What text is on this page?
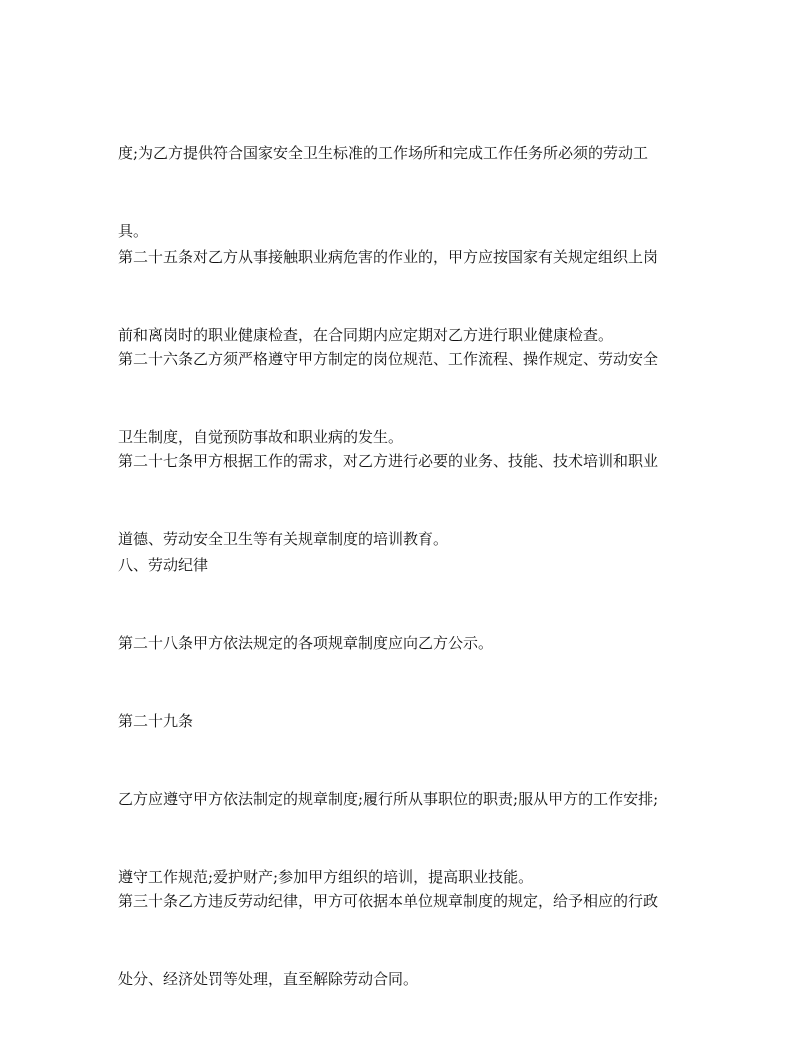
度;为乙方提供符合国家安全卫生标准的工作场所和完成工作任务所必须的劳动工

具。

第二十五条对乙方从事接触职业病危害的作业的，甲方应按国家有关规定组织上岗

前和离岗时的职业健康检查，在合同期内应定期对乙方进行职业健康检查。

第二十六条乙方须严格遵守甲方制定的岗位规范、工作流程、操作规定、劳动安全

卫生制度，自觉预防事故和职业病的发生。

第二十七条甲方根据工作的需求，对乙方进行必要的业务、技能、技术培训和职业

道德、劳动安全卫生等有关规章制度的培训教育。

八、劳动纪律

第二十八条甲方依法规定的各项规章制度应向乙方公示。

第二十九条

乙方应遵守甲方依法制定的规章制度;履行所从事职位的职责;服从甲方的工作安排;

遵守工作规范;爱护财产;参加甲方组织的培训，提高职业技能。

第三十条乙方违反劳动纪律，甲方可依据本单位规章制度的规定，给予相应的行政

处分、经济处罚等处理，直至解除劳动合同。
